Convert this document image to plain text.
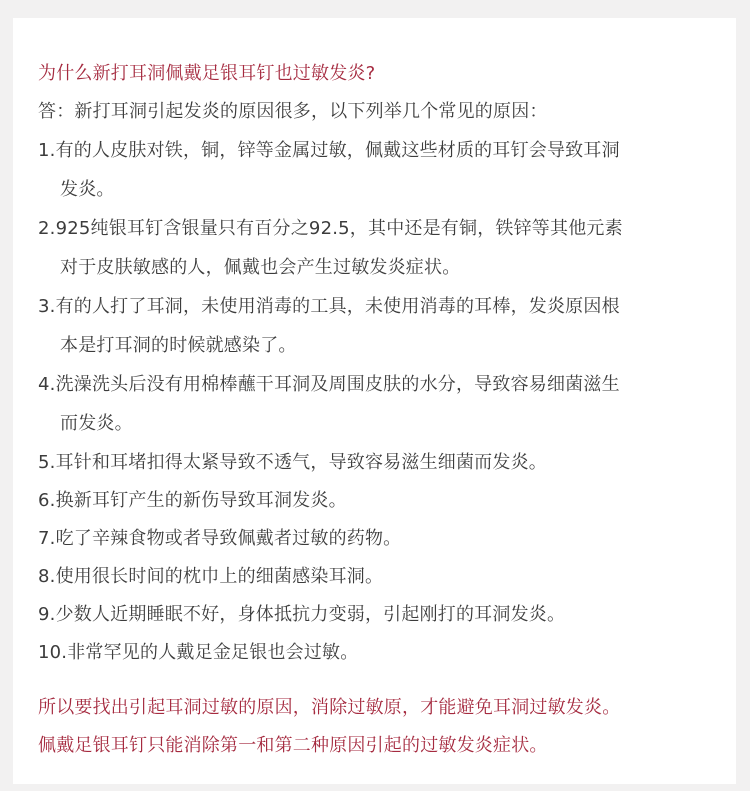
为什么新打耳洞佩戴足银耳钉也过敏发炎?
答：新打耳洞引起发炎的原因很多，以下列举几个常见的原因：
1.有的人皮肤对铁，铜，锌等金属过敏，佩戴这些材质的耳钉会导致耳洞
发炎。
2.925纯银耳钉含银量只有百分之92.5，其中还是有铜，铁锌等其他元素
对于皮肤敏感的人，佩戴也会产生过敏发炎症状。
3.有的人打了耳洞，未使用消毒的工具，未使用消毒的耳棒，发炎原因根
本是打耳洞的时候就感染了。
4.洗澡洗头后没有用棉棒蘸干耳洞及周围皮肤的水分，导致容易细菌滋生
而发炎。
5.耳针和耳堵扣得太紧导致不透气，导致容易滋生细菌而发炎。
6.换新耳钉产生的新伤导致耳洞发炎。
7.吃了辛辣食物或者导致佩戴者过敏的药物。
8.使用很长时间的枕巾上的细菌感染耳洞。
9.少数人近期睡眠不好，身体抵抗力变弱，引起刚打的耳洞发炎。
10.非常罕见的人戴足金足银也会过敏。
所以要找出引起耳洞过敏的原因，消除过敏原，才能避免耳洞过敏发炎。
佩戴足银耳钉只能消除第一和第二种原因引起的过敏发炎症状。
